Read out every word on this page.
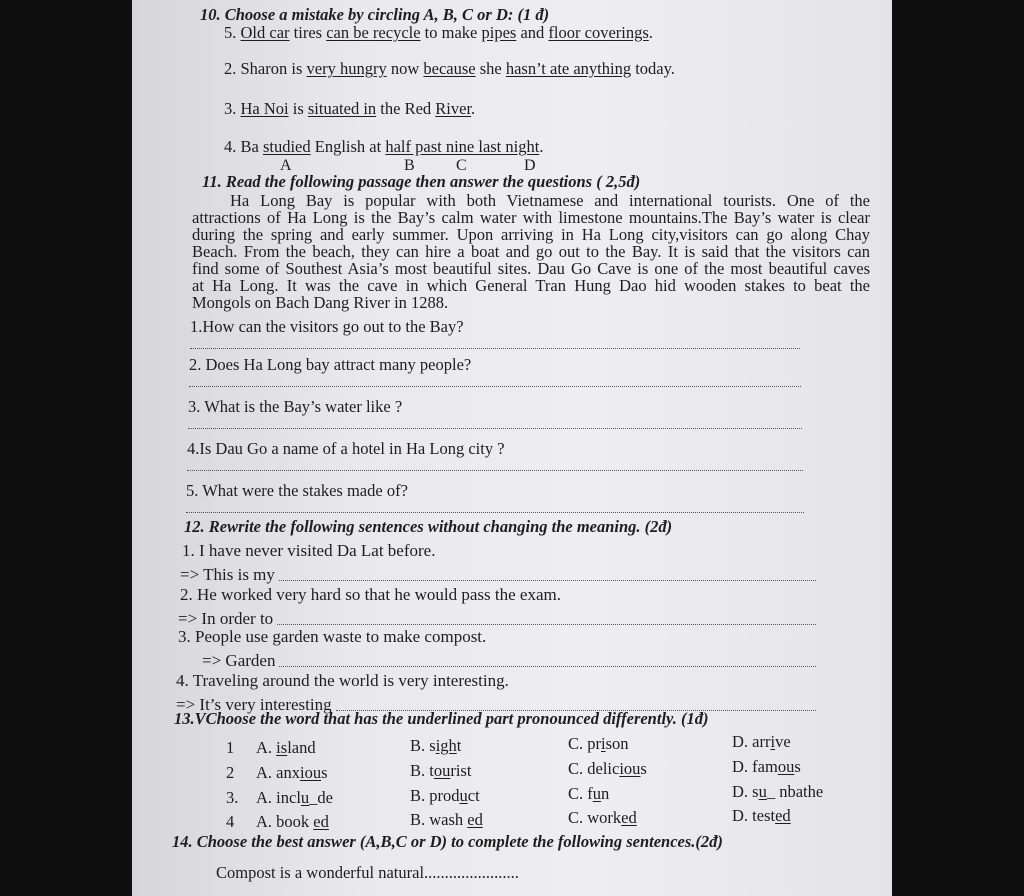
10. Choose a mistake by circling A, B, C or D: (1 đ)
5. Old car tires can be recycle to make pipes and floor coverings.
2. Sharon is very hungry now because she hasn’t ate anything today.
3. Ha Noi is situated in the Red River.
4. Ba studied English at half past nine last night.
A	B	C	D
11. Read the following passage then answer the questions ( 2,5đ)
Ha Long Bay is popular with both Vietnamese and international tourists. One of the
attractions of Ha Long is the Bay’s calm water with limestone mountains.The Bay’s water is clear
during the spring and early summer. Upon arriving in Ha Long city,visitors can go along Chay
Beach. From the beach, they can hire a boat and go out to the Bay. It is said that the visitors can
find some of Southest Asia’s most beautiful sites. Dau Go Cave is one of the most beautiful caves
at Ha Long. It was the cave in which General Tran Hung Dao hid wooden stakes to beat the
Mongols on Bach Dang River in 1288.
1.How can the visitors go out to the Bay?
2. Does Ha Long bay attract many people?
3. What is the Bay’s water like ?
4.Is Dau Go a name of a hotel in Ha Long city ?
5. What were the stakes made of?
12. Rewrite the following sentences without changing the meaning. (2đ)
1. I have never visited Da Lat before.
=> This is my
2. He worked very hard so that he would pass the exam.
=> In order to
3. People use garden waste to make compost.
=> Garden
4. Traveling around the world is very interesting.
=> It’s very interesting
13.VChoose the word that has the underlined part pronounced differently. (1đ)
1 A. island	B. sight	C. prison	D. arrive
2 A. anxious	B. tourist	C. delicious	D. famous
3. A. inclu_de	B. product	C. fun	D. su_ nbathe
4 A. book ed	B. wash ed	C. worked	D. tested
14. Choose the best answer (A,B,C or D) to complete the following sentences.(2đ)
Compost is a wonderful natural.......................
